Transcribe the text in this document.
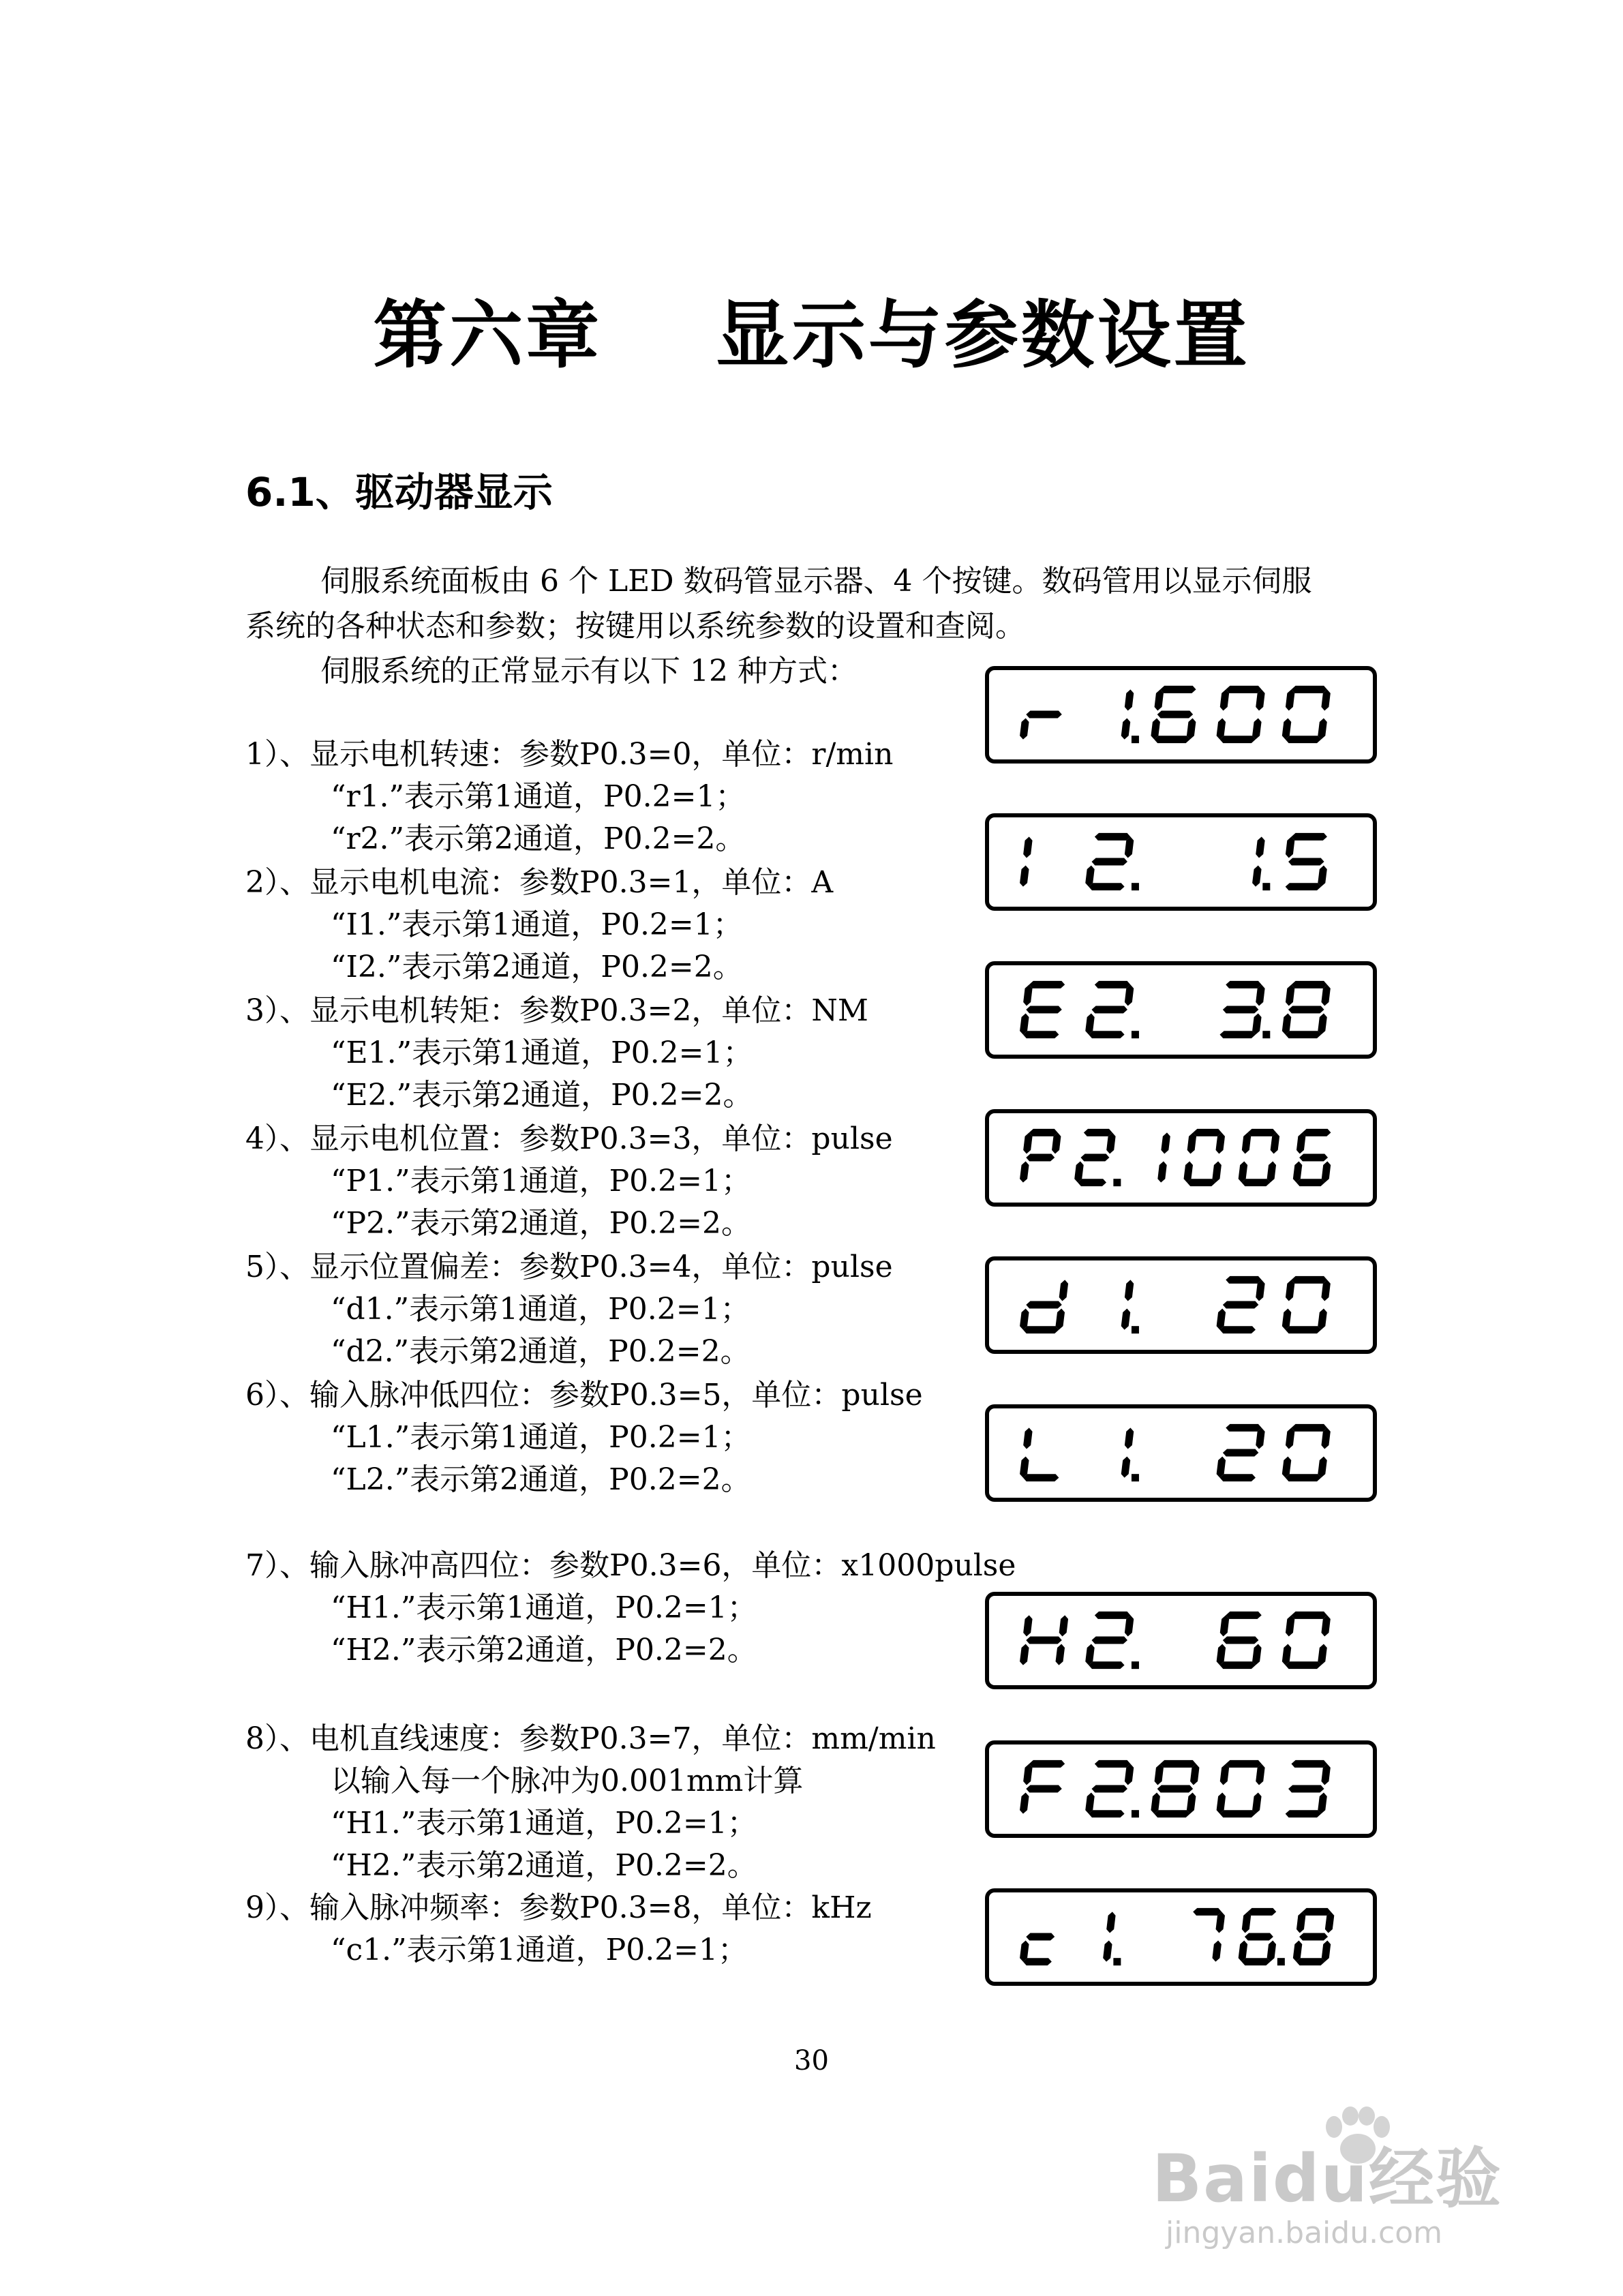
第六章    显示与参数设置
6.1、驱动器显示
伺服系统面板由 6 个 LED 数码管显示器、4 个按键。数码管用以显示伺服
系统的各种状态和参数；按键用以系统参数的设置和查阅。
伺服系统的正常显示有以下 12 种方式：
1）、显示电机转速：参数P0.3=0，单位：r/min
“r1.”表示第1通道，P0.2=1；
“r2.”表示第2通道，P0.2=2。
2）、显示电机电流：参数P0.3=1，单位：A
“I1.”表示第1通道，P0.2=1；
“I2.”表示第2通道，P0.2=2。
3）、显示电机转矩：参数P0.3=2，单位：NM
“E1.”表示第1通道，P0.2=1；
“E2.”表示第2通道，P0.2=2。
4）、显示电机位置：参数P0.3=3，单位：pulse
“P1.”表示第1通道，P0.2=1；
“P2.”表示第2通道，P0.2=2。
5）、显示位置偏差：参数P0.3=4，单位：pulse
“d1.”表示第1通道，P0.2=1；
“d2.”表示第2通道，P0.2=2。
6）、输入脉冲低四位：参数P0.3=5，单位：pulse
“L1.”表示第1通道，P0.2=1；
“L2.”表示第2通道，P0.2=2。
7）、输入脉冲高四位：参数P0.3=6，单位：x1000pulse
“H1.”表示第1通道，P0.2=1；
“H2.”表示第2通道，P0.2=2。
8）、电机直线速度：参数P0.3=7，单位：mm/min
以输入每一个脉冲为0.001mm计算
“H1.”表示第1通道，P0.2=1；
“H2.”表示第2通道，P0.2=2。
9）、输入脉冲频率：参数P0.3=8，单位：kHz
“c1.”表示第1通道，P0.2=1；
30
Baidu经验
jingyan.baidu.com
